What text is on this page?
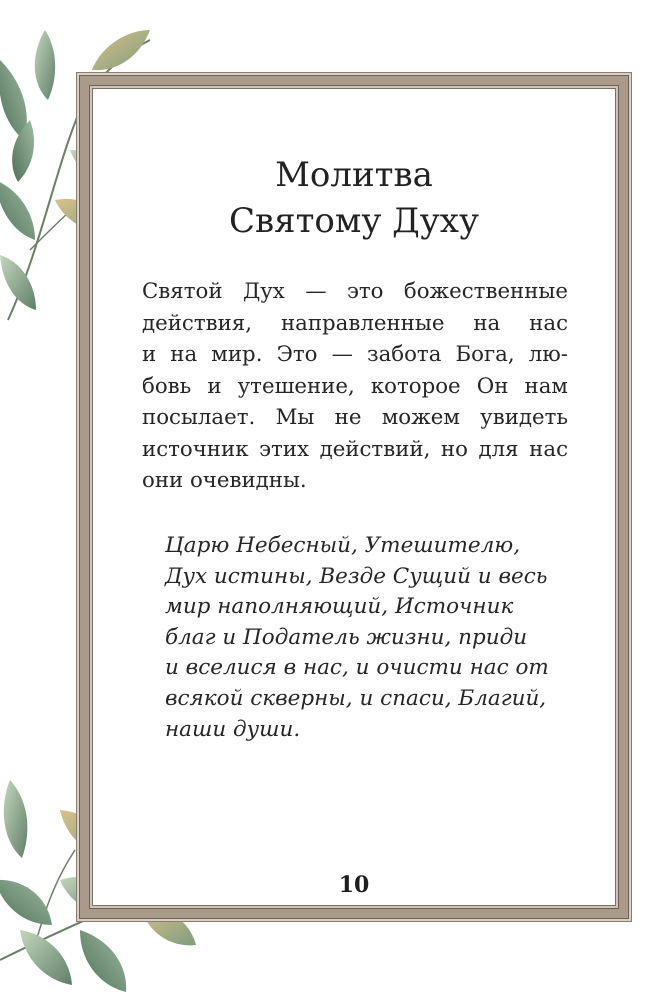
Молитва
Святому Духу
Святой Дух — это божественные
действия, направленные на нас
и на мир. Это — забота Бога, лю-
бовь и утешение, которое Он нам
посылает. Мы не можем увидеть
источник этих действий, но для нас
они очевидны.
Царю Небесный, Утешителю,
Дух истины, Везде Сущий и весь
мир наполняющий, Источник
благ и Податель жизни, приди
и вселися в нас, и очисти нас от
всякой скверны, и спаси, Благий,
наши души.
10
